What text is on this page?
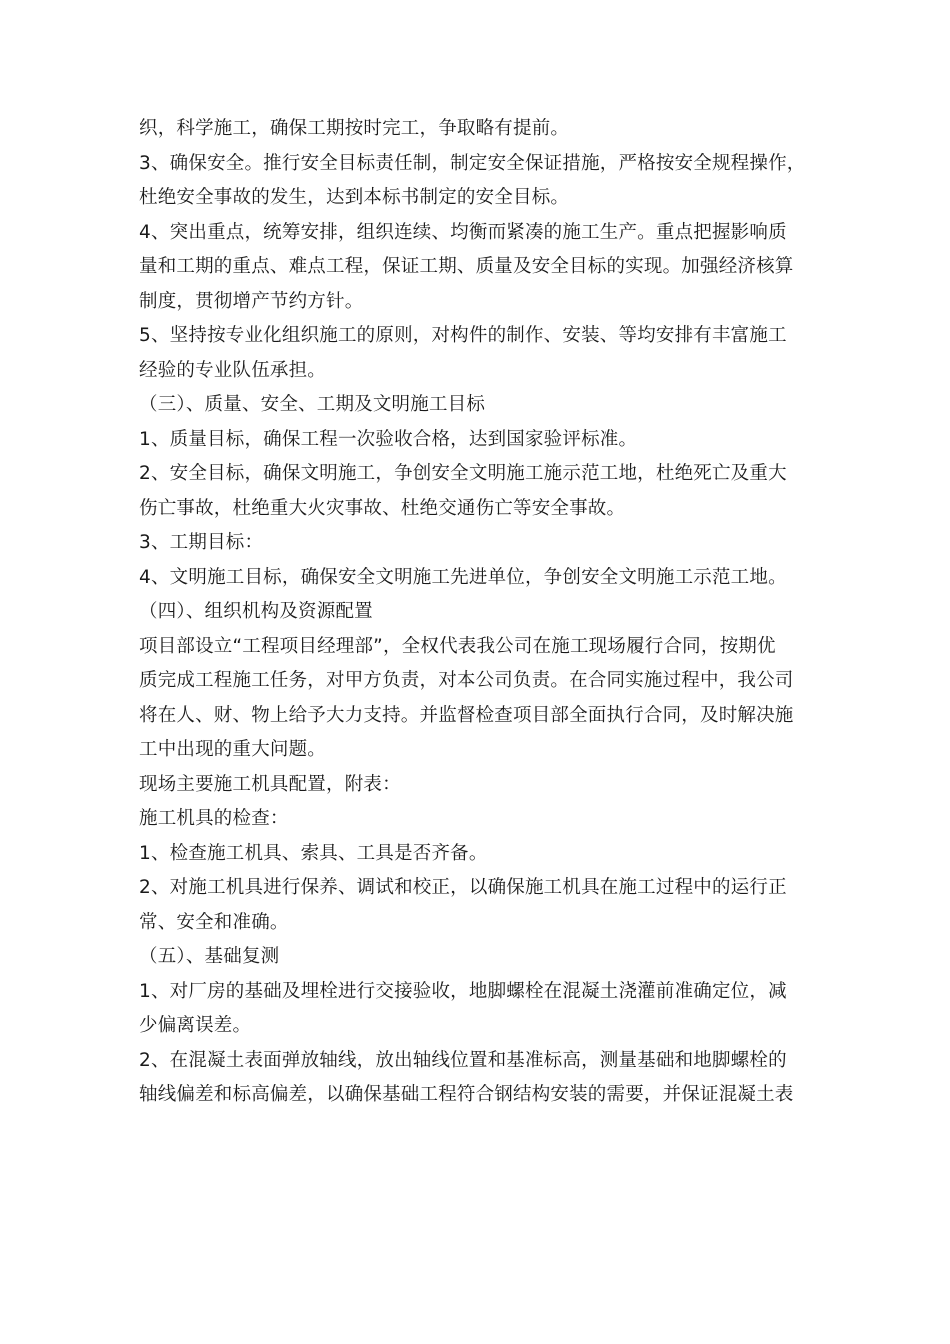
织，科学施工，确保工期按时完工，争取略有提前。
3、确保安全。推行安全目标责任制，制定安全保证措施，严格按安全规程操作，
杜绝安全事故的发生，达到本标书制定的安全目标。
4、突出重点，统筹安排，组织连续、均衡而紧凑的施工生产。重点把握影响质
量和工期的重点、难点工程，保证工期、质量及安全目标的实现。加强经济核算
制度，贯彻增产节约方针。
5、坚持按专业化组织施工的原则，对构件的制作、安装、等均安排有丰富施工
经验的专业队伍承担。
（三）、质量、安全、工期及文明施工目标
1、质量目标，确保工程一次验收合格，达到国家验评标准。
2、安全目标，确保文明施工，争创安全文明施工施示范工地，杜绝死亡及重大
伤亡事故，杜绝重大火灾事故、杜绝交通伤亡等安全事故。
3、工期目标：
4、文明施工目标，确保安全文明施工先进单位，争创安全文明施工示范工地。
（四）、组织机构及资源配置
项目部设立“工程项目经理部”，全权代表我公司在施工现场履行合同，按期优
质完成工程施工任务，对甲方负责，对本公司负责。在合同实施过程中，我公司
将在人、财、物上给予大力支持。并监督检查项目部全面执行合同，及时解决施
工中出现的重大问题。
现场主要施工机具配置，附表：
施工机具的检查：
1、检查施工机具、索具、工具是否齐备。
2、对施工机具进行保养、调试和校正，以确保施工机具在施工过程中的运行正
常、安全和准确。
（五）、基础复测
1、对厂房的基础及埋栓进行交接验收，地脚螺栓在混凝土浇灌前准确定位，减
少偏离误差。
2、在混凝土表面弹放轴线，放出轴线位置和基准标高，测量基础和地脚螺栓的
轴线偏差和标高偏差，以确保基础工程符合钢结构安装的需要，并保证混凝土表
